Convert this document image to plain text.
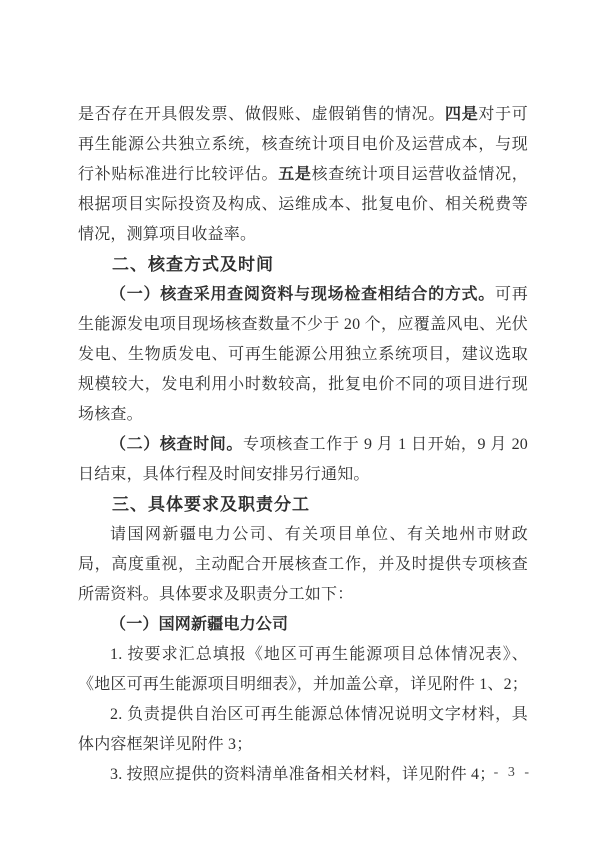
是否存在开具假发票、做假账、虚假销售的情况。四是对于可再生能源公共独立系统，核查统计项目电价及运营成本，与现行补贴标准进行比较评估。五是核查统计项目运营收益情况，根据项目实际投资及构成、运维成本、批复电价、相关税费等情况，测算项目收益率。

二、核查方式及时间

（一）核查采用查阅资料与现场检查相结合的方式。可再生能源发电项目现场核查数量不少于 20 个，应覆盖风电、光伏发电、生物质发电、可再生能源公用独立系统项目，建议选取规模较大，发电利用小时数较高，批复电价不同的项目进行现场核查。

（二）核查时间。专项核查工作于 9 月 1 日开始，9 月 20 日结束，具体行程及时间安排另行通知。

三、具体要求及职责分工

请国网新疆电力公司、有关项目单位、有关地州市财政局，高度重视，主动配合开展核查工作，并及时提供专项核查所需资料。具体要求及职责分工如下：

（一）国网新疆电力公司

1. 按要求汇总填报《地区可再生能源项目总体情况表》、《地区可再生能源项目明细表》，并加盖公章，详见附件 1、2；

2. 负责提供自治区可再生能源总体情况说明文字材料，具体内容框架详见附件 3；

3. 按照应提供的资料清单准备相关材料，详见附件 4；

- 3 -
